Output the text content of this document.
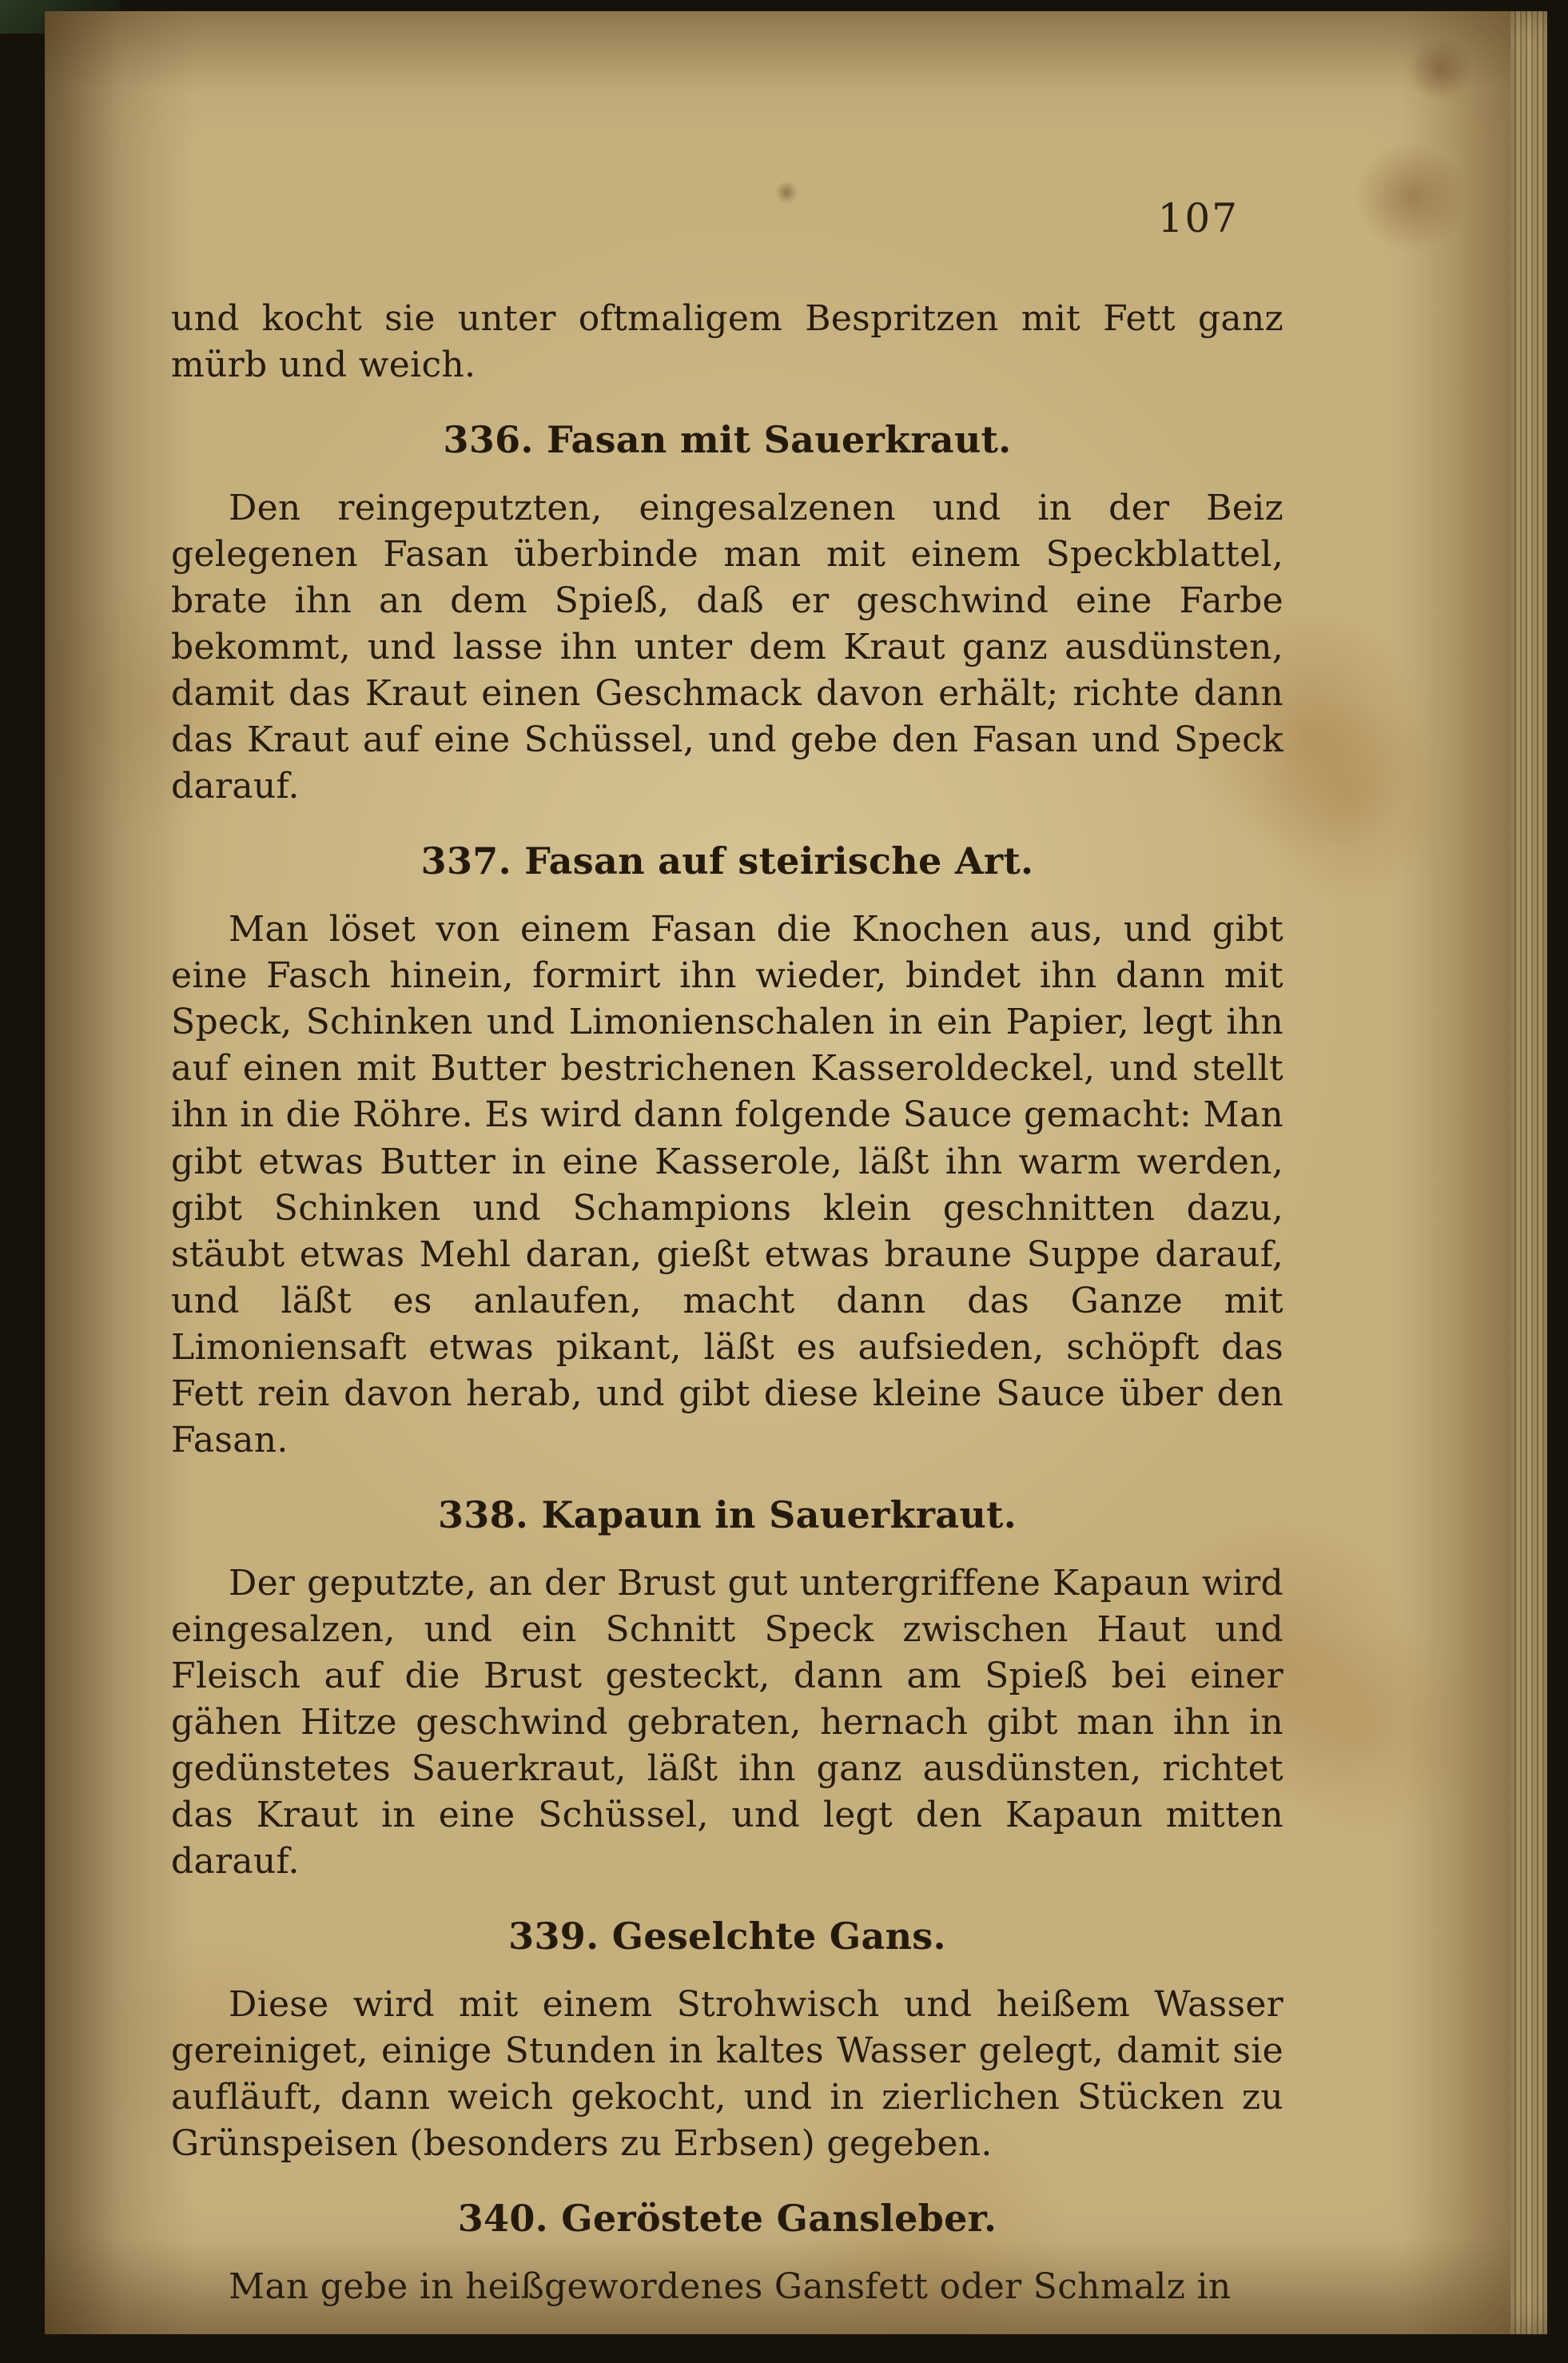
107

und kocht sie unter oftmaligem Bespritzen mit Fett ganz mürb und weich.

336. Fasan mit Sauerkraut.

Den reingeputzten, eingesalzenen und in der Beiz gelegenen Fasan überbinde man mit einem Speckblattel, brate ihn an dem Spieß, daß er geschwind eine Farbe bekommt, und lasse ihn unter dem Kraut ganz ausdünsten, damit das Kraut einen Geschmack davon erhält; richte dann das Kraut auf eine Schüssel, und gebe den Fasan und Speck darauf.

337. Fasan auf steirische Art.

Man löset von einem Fasan die Knochen aus, und gibt eine Fasch hinein, formirt ihn wieder, bindet ihn dann mit Speck, Schinken und Limonienschalen in ein Papier, legt ihn auf einen mit Butter bestrichenen Kasseroldeckel, und stellt ihn in die Röhre. Es wird dann folgende Sauce gemacht: Man gibt etwas Butter in eine Kasserole, läßt ihn warm werden, gibt Schinken und Schampions klein geschnitten dazu, stäubt etwas Mehl daran, gießt etwas braune Suppe darauf, und läßt es anlaufen, macht dann das Ganze mit Limoniensaft etwas pikant, läßt es aufsieden, schöpft das Fett rein davon herab, und gibt diese kleine Sauce über den Fasan.

338. Kapaun in Sauerkraut.

Der geputzte, an der Brust gut untergriffene Kapaun wird eingesalzen, und ein Schnitt Speck zwischen Haut und Fleisch auf die Brust gesteckt, dann am Spieß bei einer gähen Hitze geschwind gebraten, hernach gibt man ihn in gedünstetes Sauerkraut, läßt ihn ganz ausdünsten, richtet das Kraut in eine Schüssel, und legt den Kapaun mitten darauf.

339. Geselchte Gans.

Diese wird mit einem Strohwisch und heißem Wasser gereiniget, einige Stunden in kaltes Wasser gelegt, damit sie aufläuft, dann weich gekocht, und in zierlichen Stücken zu Grünspeisen (besonders zu Erbsen) gegeben.

340. Geröstete Gansleber.

Man gebe in heißgewordenes Gansfett oder Schmalz in
